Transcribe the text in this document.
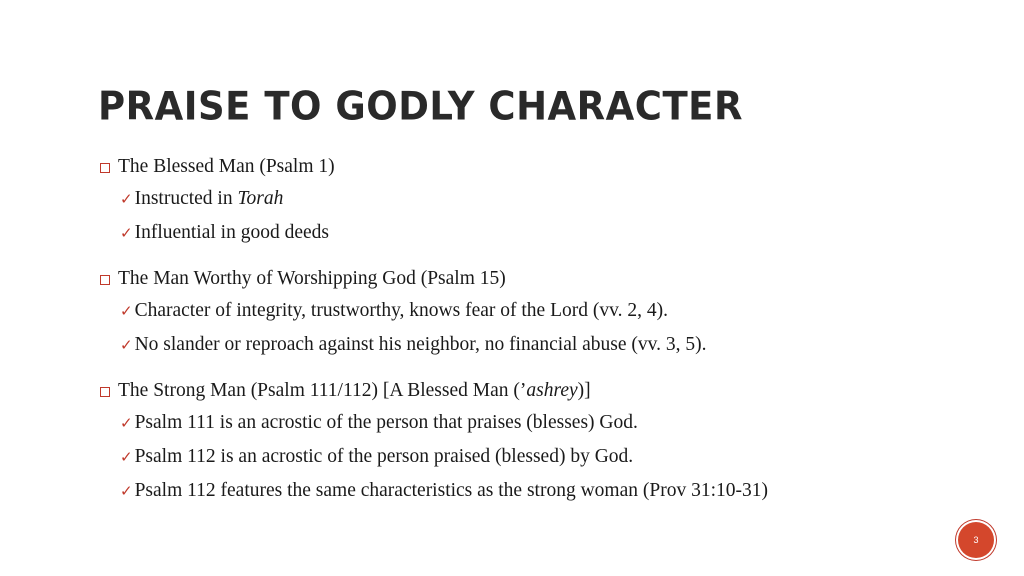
PRAISE TO GODLY CHARACTER
The Blessed Man (Psalm 1)
✓ Instructed in Torah
✓ Influential in good deeds
The Man Worthy of Worshipping God (Psalm 15)
✓ Character of integrity, trustworthy, knows fear of the Lord (vv. 2, 4).
✓ No slander or reproach against his neighbor, no financial abuse (vv. 3, 5).
The Strong Man (Psalm 111/112) [A Blessed Man (’ ashrey )]
✓ Psalm 111 is an acrostic of the person that praises (blesses) God.
✓ Psalm 112 is an acrostic of the person praised (blessed) by God.
✓ Psalm 112 features the same characteristics as the strong woman (Prov 31:10-31)
3
